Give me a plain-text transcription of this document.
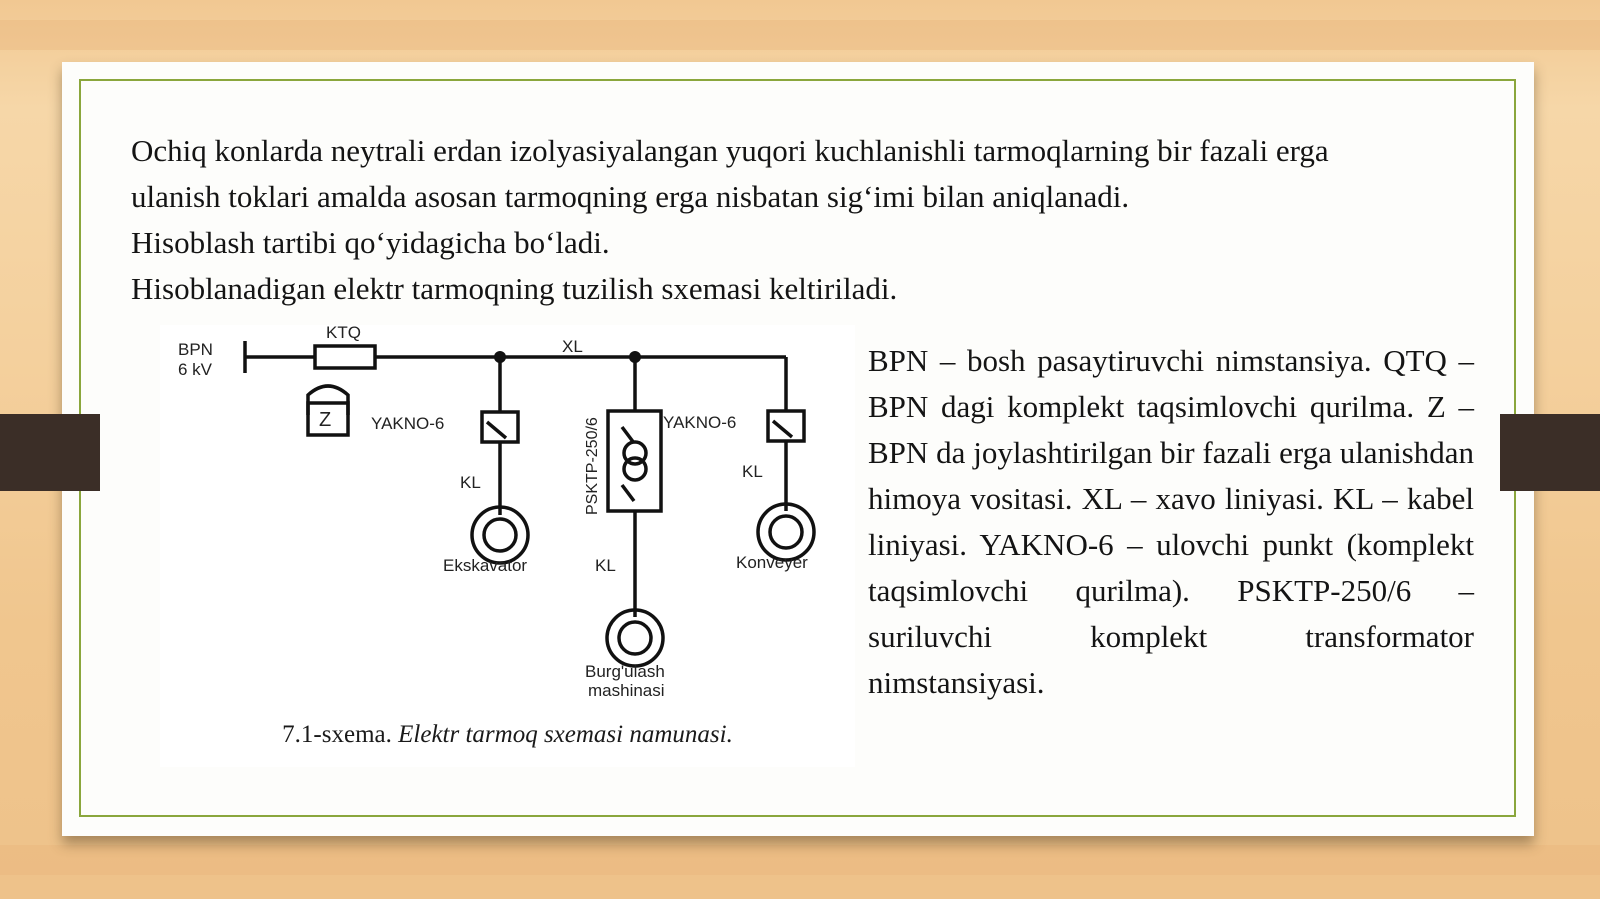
Ochiq konlarda neytrali erdan izolyasiyalangan yuqori kuchlanishli tarmoqlarning bir fazali erga
ulanish toklari amalda asosan tarmoqning erga nisbatan sig‘imi bilan aniqlanadi.
Hisoblash tartibi qo‘yidagicha bo‘ladi.
Hisoblanadigan elektr tarmoqning tuzilish sxemasi keltiriladi.
BPN
6 kV
KTQ
XL
Z YAKNO-6	YAKNO-6
PSKTP-250/6
KL
KL
KL
Ekskavator	Konveyer
Burg'ulash
mashinasi
7.1-sxema. Elektr tarmoq sxemasi namunasi.
BPN – bosh pasaytiruvchi nimstansiya. QTQ – BPN dagi komplekt taqsimlovchi qurilma. Z – BPN da joylashtirilgan bir fazali erga ulanishdan himoya vositasi. XL – xavo liniyasi. KL – kabel liniyasi. YAKNO-6 – ulovchi punkt (komplekt taqsimlovchi qurilma). PSKTP-250/6 – suriluvchi komplekt transformator nimstansiyasi.
